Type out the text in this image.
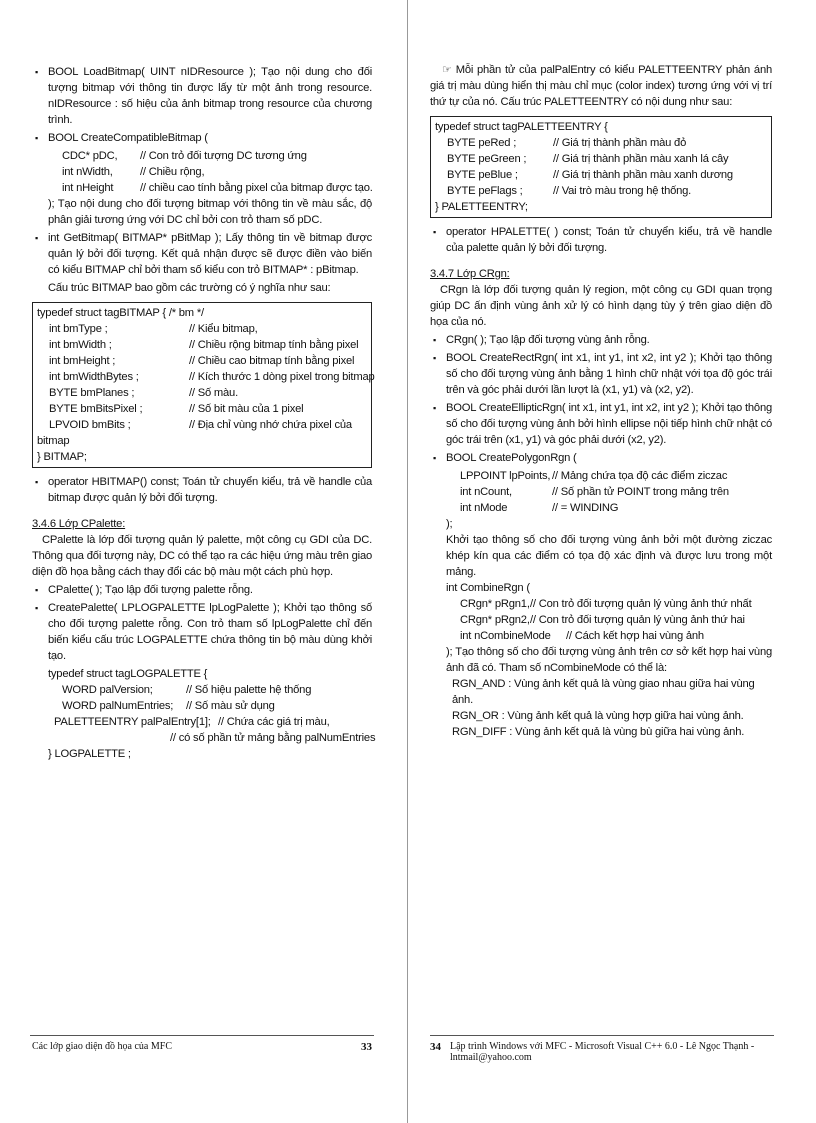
▪ BOOL LoadBitmap( UINT nIDResource ); Tạo nội dung cho đối tượng bitmap với thông tin được lấy từ một ảnh trong resource. nIDResource : số hiệu của ảnh bitmap trong resource của chương trình.
▪ BOOL CreateCompatibleBitmap (
CDC* pDC,	// Con trỏ đối tượng DC tương ứng
int nWidth,	// Chiều rộng,
int nHeight	// chiều cao tính bằng pixel của bitmap được tạo.
); Tạo nội dung cho đối tượng bitmap với thông tin về màu sắc, độ phân giải tương ứng với DC chỉ bởi con trỏ tham số pDC.
▪ int GetBitmap( BITMAP* pBitMap ); Lấy thông tin về bitmap được quản lý bởi đối tượng. Kết quả nhận được sẽ được điền vào biến có kiểu BITMAP chỉ bởi tham số kiểu con trỏ BITMAP* : pBitmap.
Cấu trúc BITMAP bao gồm các trường có ý nghĩa như sau:
typedef struct tagBITMAP { /* bm */
int bmType ;	// Kiểu bitmap,
int bmWidth ;	// Chiều rộng bitmap tính bằng pixel
int bmHeight ;	// Chiều cao bitmap tính bằng pixel
int bmWidthBytes ;	// Kích thước 1 dòng pixel trong bitmap
BYTE bmPlanes ;	// Số màu.
BYTE bmBitsPixel ;	// Số bit màu của 1 pixel
LPVOID bmBits ;	// Địa chỉ vùng nhớ chứa pixel của
bitmap
} BITMAP;
▪ operator HBITMAP() const; Toán tử chuyển kiểu, trả về handle của bitmap được quản lý bởi đối tượng.
3.4.6 Lớp CPalette:
CPalette là lớp đối tượng quản lý palette, một công cụ GDI của DC. Thông qua đối tượng này, DC có thể tạo ra các hiệu ứng màu trên giao diện đồ họa bằng cách thay đổi các bộ màu một cách phù hợp.
▪ CPalette( ); Tạo lập đối tượng palette rỗng.
▪ CreatePalette( LPLOGPALETTE lpLogPalette ); Khởi tạo thông số cho đối tượng palette rỗng. Con trỏ tham số lpLogPalette chỉ đến biến kiểu cấu trúc LOGPALETTE chứa thông tin bộ màu dùng khởi tạo.
typedef struct tagLOGPALETTE {
WORD palVersion;	// Số hiệu palette hệ thống
WORD palNumEntries;	// Số màu sử dụng
PALETTEENTRY palPalEntry[1]; // Chứa các giá trị màu,
// có số phần tử mảng bằng palNumEntries
} LOGPALETTE ;
Các lớp giao diện đồ họa của MFC	33
☞ Mỗi phần tử của palPalEntry có kiểu PALETTEENTRY phản ánh giá trị màu dùng hiển thị màu chỉ mục (color index) tương ứng với vị trí thứ tự của nó. Cấu trúc PALETTEENTRY có nội dung như sau:
typedef struct tagPALETTEENTRY {
BYTE peRed ;	// Giá trị thành phần màu đỏ
BYTE peGreen ;	// Giá trị thành phần màu xanh lá cây
BYTE peBlue ;	// Giá trị thành phần màu xanh dương
BYTE peFlags ;	// Vai trò màu trong hệ thống.
} PALETTEENTRY;
▪ operator HPALETTE( ) const; Toán tử chuyển kiểu, trả về handle của palette quản lý bởi đối tượng.
3.4.7 Lớp CRgn:
CRgn là lớp đối tượng quản lý region, một công cụ GDI quan trọng giúp DC ấn định vùng ảnh xử lý có hình dạng tùy ý trên giao diện đồ họa của nó.
▪ CRgn( ); Tạo lập đối tượng vùng ảnh rỗng.
▪ BOOL CreateRectRgn( int x1, int y1, int x2, int y2 ); Khởi tạo thông số cho đối tượng vùng ảnh bằng 1 hình chữ nhật với tọa độ góc trái trên và góc phải dưới lần lượt là (x1, y1) và (x2, y2).
▪ BOOL CreateEllipticRgn( int x1, int y1, int x2, int y2 ); Khởi tạo thông số cho đối tượng vùng ảnh bởi hình ellipse nội tiếp hình chữ nhật có góc trái trên (x1, y1) và góc phải dưới (x2, y2).
▪ BOOL CreatePolygonRgn (
LPPOINT lpPoints, // Mảng chứa tọa độ các điểm ziczac
int nCount,	// Số phần tử POINT trong mảng trên
int nMode	// = WINDING
);
Khởi tạo thông số cho đối tượng vùng ảnh bởi một đường ziczac khép kín qua các điểm có tọa độ xác định và được lưu trong một mảng.
int CombineRgn (
CRgn* pRgn1, // Con trỏ đối tượng quản lý vùng ảnh thứ nhất
CRgn* pRgn2, // Con trỏ đối tượng quản lý vùng ảnh thứ hai
int nCombineMode	// Cách kết hợp hai vùng ảnh
); Tạo thông số cho đối tượng vùng ảnh trên cơ sở kết hợp hai vùng ảnh đã có. Tham số nCombineMode có thể là:
RGN_AND : Vùng ảnh kết quả là vùng giao nhau giữa hai vùng ảnh.
RGN_OR : Vùng ảnh kết quả là vùng hợp giữa hai vùng ảnh.
RGN_DIFF : Vùng ảnh kết quả là vùng bù giữa hai vùng ảnh.
34 Lập trình Windows với MFC - Microsoft Visual C++ 6.0 - Lê Ngọc Thạnh - lntmail@yahoo.com
